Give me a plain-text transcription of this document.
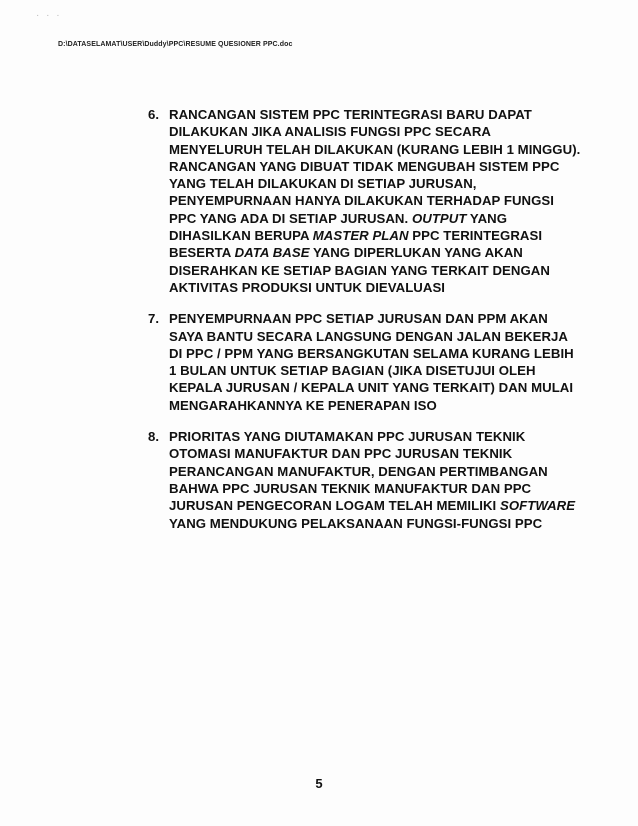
· · ·
D:\DATASELAMAT\USER\Duddy\PPC\RESUME QUESIONER PPC.doc
6. RANCANGAN SISTEM PPC TERINTEGRASI BARU DAPAT
DILAKUKAN JIKA ANALISIS FUNGSI PPC SECARA
MENYELURUH TELAH DILAKUKAN (KURANG LEBIH 1 MINGGU).
RANCANGAN YANG DIBUAT TIDAK MENGUBAH SISTEM PPC
YANG TELAH DILAKUKAN DI SETIAP JURUSAN,
PENYEMPURNAAN HANYA DILAKUKAN TERHADAP FUNGSI
PPC YANG ADA DI SETIAP JURUSAN. OUTPUT YANG
DIHASILKAN BERUPA MASTER PLAN PPC TERINTEGRASI
BESERTA DATA BASE YANG DIPERLUKAN YANG AKAN
DISERAHKAN KE SETIAP BAGIAN YANG TERKAIT DENGAN
AKTIVITAS PRODUKSI UNTUK DIEVALUASI
7. PENYEMPURNAAN PPC SETIAP JURUSAN DAN PPM AKAN
SAYA BANTU SECARA LANGSUNG DENGAN JALAN BEKERJA
DI PPC / PPM YANG BERSANGKUTAN SELAMA KURANG LEBIH
1 BULAN UNTUK SETIAP BAGIAN (JIKA DISETUJUI OLEH
KEPALA JURUSAN / KEPALA UNIT YANG TERKAIT) DAN MULAI
MENGARAHKANNYA KE PENERAPAN ISO
8. PRIORITAS YANG DIUTAMAKAN PPC JURUSAN TEKNIK
OTOMASI MANUFAKTUR DAN PPC JURUSAN TEKNIK
PERANCANGAN MANUFAKTUR, DENGAN PERTIMBANGAN
BAHWA PPC JURUSAN TEKNIK MANUFAKTUR DAN PPC
JURUSAN PENGECORAN LOGAM TELAH MEMILIKI SOFTWARE
YANG MENDUKUNG PELAKSANAAN FUNGSI-FUNGSI PPC
5
